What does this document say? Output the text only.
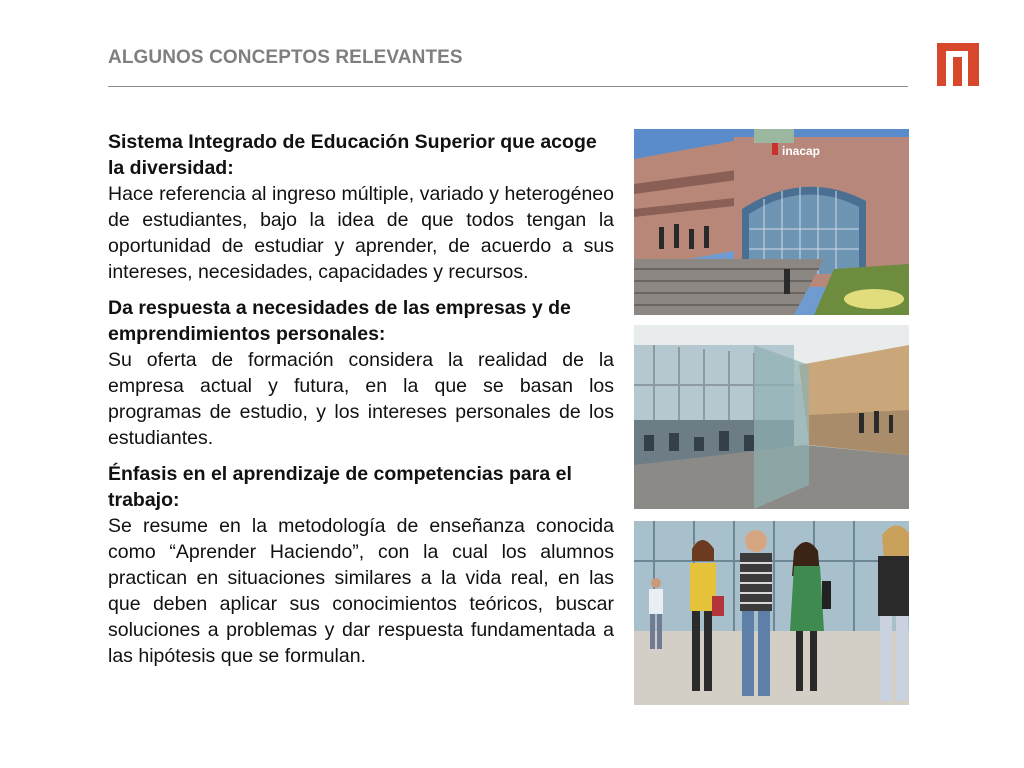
ALGUNOS CONCEPTOS RELEVANTES
Sistema Integrado de Educación Superior que acoge la diversidad:

Hace referencia al ingreso múltiple, variado y heterogéneo de estudiantes, bajo la idea de que todos tengan la oportunidad de estudiar y aprender, de acuerdo a sus intereses, necesidades, capacidades y recursos.

Da respuesta a necesidades de las empresas y de emprendimientos personales:

Su oferta de formación considera la realidad de la empresa actual y futura, en la que se basan los programas de estudio, y los intereses personales de los estudiantes.

Énfasis en el aprendizaje de competencias para el trabajo:

Se resume en la metodología de enseñanza conocida como “Aprender Haciendo”, con la cual los alumnos practican en situaciones similares a la vida real, en las que deben aplicar sus conocimientos teóricos, buscar soluciones a problemas y dar respuesta fundamentada a las hipótesis que se formulan.

inacap
